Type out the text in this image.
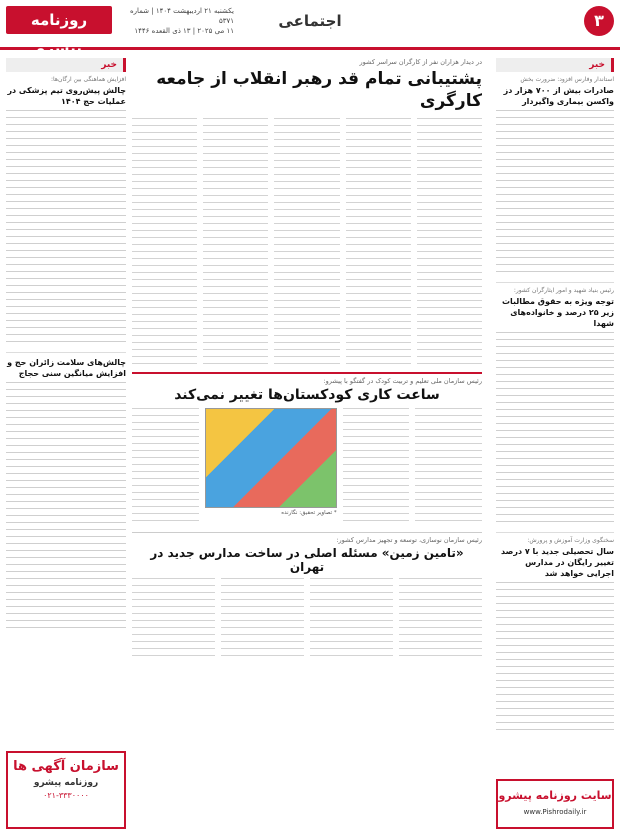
روزنامه پیشرو
یکشنبه ۲۱ اردیبهشت ۱۴۰۴ | شماره ۵۳۷۱
۱۱ می ۲۰۲۵ | ۱۳ ذی القعده ۱۴۴۶
اجتماعی	۳
خبر
استاندار وفارس افزود: ضرورت بخش
صادرات بیش از ۷۰۰ هزار دز واکسن بیماری واگیردار
رئیس بنیاد شهید و امور ایثارگران کشور:
توجه ویژه به حقوق مطالبات زیر ۲۵ درصد و خانواده‌های شهدا
سخنگوی وزارت آموزش و پرورش:
سال تحصیلی جدید با ۷ درصد تغییر رایگان در مدارس اجرایی خواهد شد
در دیدار هزاران نفر از کارگران سراسر کشور
پشتیبانی تمام قد رهبر انقلاب از جامعه کارگری
رئیس سازمان ملی تعلیم و تربیت کودک در گفتگو با پیشرو:
ساعت کاری کودکستان‌ها تغییر نمی‌کند
* تصاویر تحقیق: نگارنده
رئیس سازمان نوسازی، توسعه و تجهیز مدارس کشور:
«تامین زمین» مسئله اصلی در ساخت مدارس جدید در تهران
خبر
افزایش هماهنگی بین ارگان‌ها:
چالش پیش‌روی تیم پزشکی در عملیات حج ۱۴۰۴
چالش‌های سلامت زائران حج و افزایش میانگین سنی حجاج
سایت روزنامه پیشرو
www.Pishrodaily.ir
سازمان آگهی ها
روزنامه پیشرو
۰۲۱-۳۳۳۰۰۰۰
